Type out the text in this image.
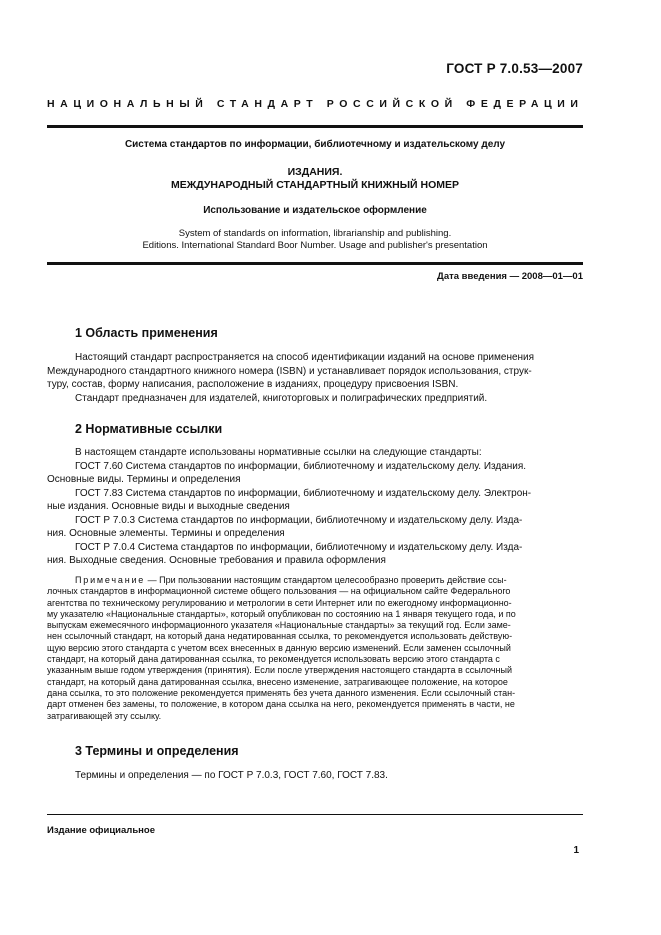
ГОСТ Р 7.0.53—2007
НАЦИОНАЛЬНЫЙ СТАНДАРТ РОССИЙСКОЙ ФЕДЕРАЦИИ
Система стандартов по информации, библиотечному и издательскому делу
ИЗДАНИЯ.
МЕЖДУНАРОДНЫЙ СТАНДАРТНЫЙ КНИЖНЫЙ НОМЕР
Использование и издательское оформление
System of standards on information, librarianship and publishing.
Editions. International Standard Boor Number. Usage and publisher's presentation
Дата введения — 2008—01—01
1 Область применения
Настоящий стандарт распространяется на способ идентификации изданий на основе применения
Международного стандартного книжного номера (ISBN) и устанавливает порядок использования, струк-
туру, состав, форму написания, расположение в изданиях, процедуру присвоения ISBN.
Стандарт предназначен для издателей, книготорговых и полиграфических предприятий.
2 Нормативные ссылки
В настоящем стандарте использованы нормативные ссылки на следующие стандарты:
ГОСТ 7.60 Система стандартов по информации, библиотечному и издательскому делу. Издания.
Основные виды. Термины и определения
ГОСТ 7.83 Система стандартов по информации, библиотечному и издательскому делу. Электрон-
ные издания. Основные виды и выходные сведения
ГОСТ Р 7.0.3 Система стандартов по информации, библиотечному и издательскому делу. Изда-
ния. Основные элементы. Термины и определения
ГОСТ Р 7.0.4 Система стандартов по информации, библиотечному и издательскому делу. Изда-
ния. Выходные сведения. Основные требования и правила оформления
Примечание — При пользовании настоящим стандартом целесообразно проверить действие ссы-
лочных стандартов в информационной системе общего пользования — на официальном сайте Федерального
агентства по техническому регулированию и метрологии в сети Интернет или по ежегодному информационно-
му указателю «Национальные стандарты», который опубликован по состоянию на 1 января текущего года, и по
выпускам ежемесячного информационного указателя «Национальные стандарты» за текущий год. Если заме-
нен ссылочный стандарт, на который дана недатированная ссылка, то рекомендуется использовать действую-
щую версию этого стандарта с учетом всех внесенных в данную версию изменений. Если заменен ссылочный
стандарт, на который дана датированная ссылка, то рекомендуется использовать версию этого стандарта с
указанным выше годом утверждения (принятия). Если после утверждения настоящего стандарта в ссылочный
стандарт, на который дана датированная ссылка, внесено изменение, затрагивающее положение, на которое
дана ссылка, то это положение рекомендуется применять без учета данного изменения. Если ссылочный стан-
дарт отменен без замены, то положение, в котором дана ссылка на него, рекомендуется применять в части, не
затрагивающей эту ссылку.
3 Термины и определения
Термины и определения — по ГОСТ Р 7.0.3, ГОСТ 7.60, ГОСТ 7.83.
Издание официальное
1
